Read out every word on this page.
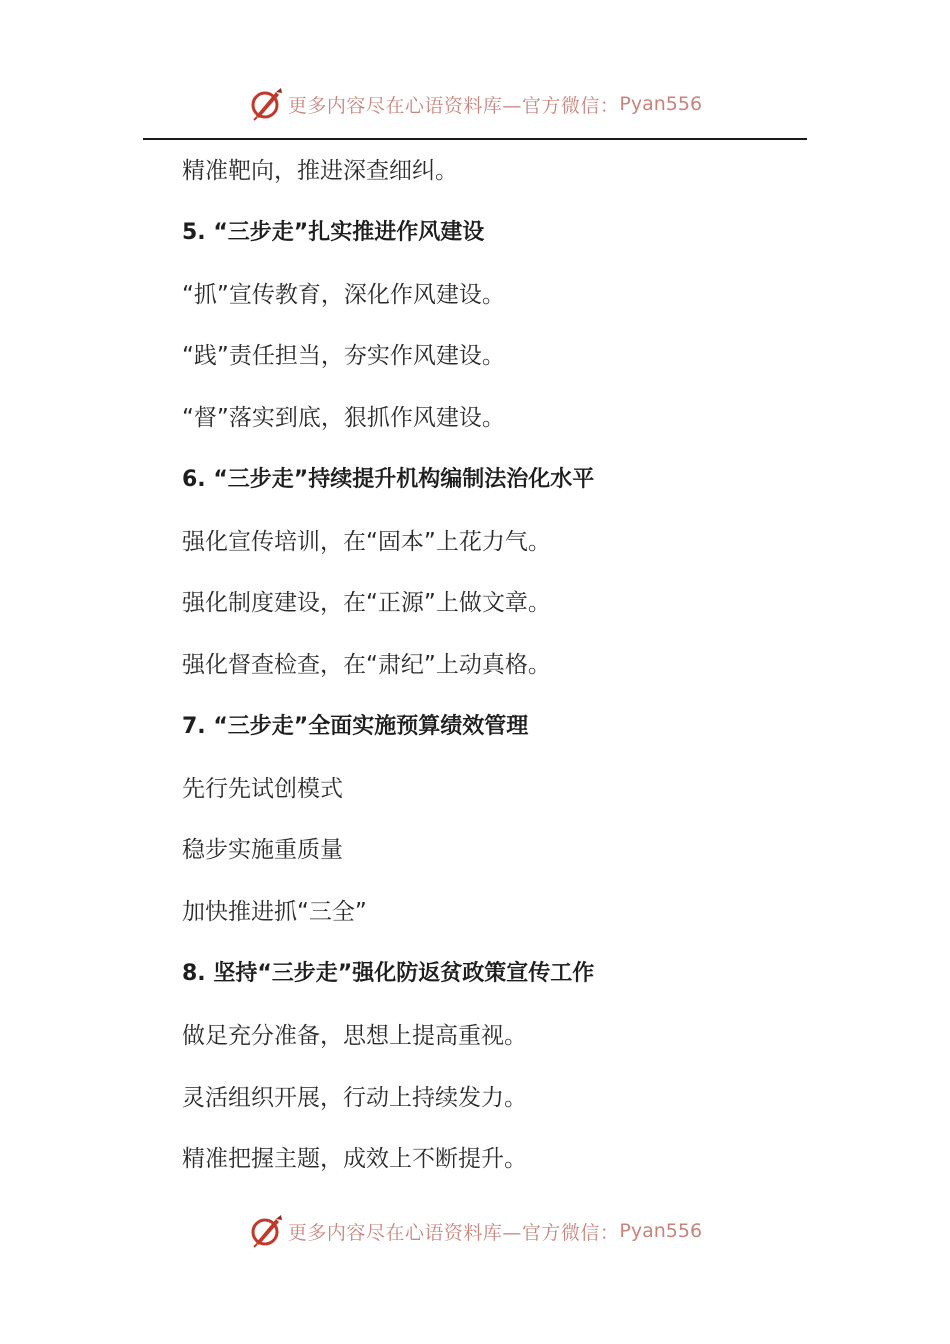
更多内容尽在心语资料库—官方微信： Pyan556
精准靶向，推进深查细纠。
5. “三步走”扎实推进作风建设
“抓”宣传教育，深化作风建设。
“践”责任担当，夯实作风建设。
“督”落实到底，狠抓作风建设。
6. “三步走”持续提升机构编制法治化水平
强化宣传培训，在“固本”上花力气。
强化制度建设，在“正源”上做文章。
强化督查检查，在“肃纪”上动真格。
7. “三步走”全面实施预算绩效管理
先行先试创模式
稳步实施重质量
加快推进抓“三全”
8. 坚持“三步走”强化防返贫政策宣传工作
做足充分准备，思想上提高重视。
灵活组织开展，行动上持续发力。
精准把握主题，成效上不断提升。
更多内容尽在心语资料库—官方微信： Pyan556
